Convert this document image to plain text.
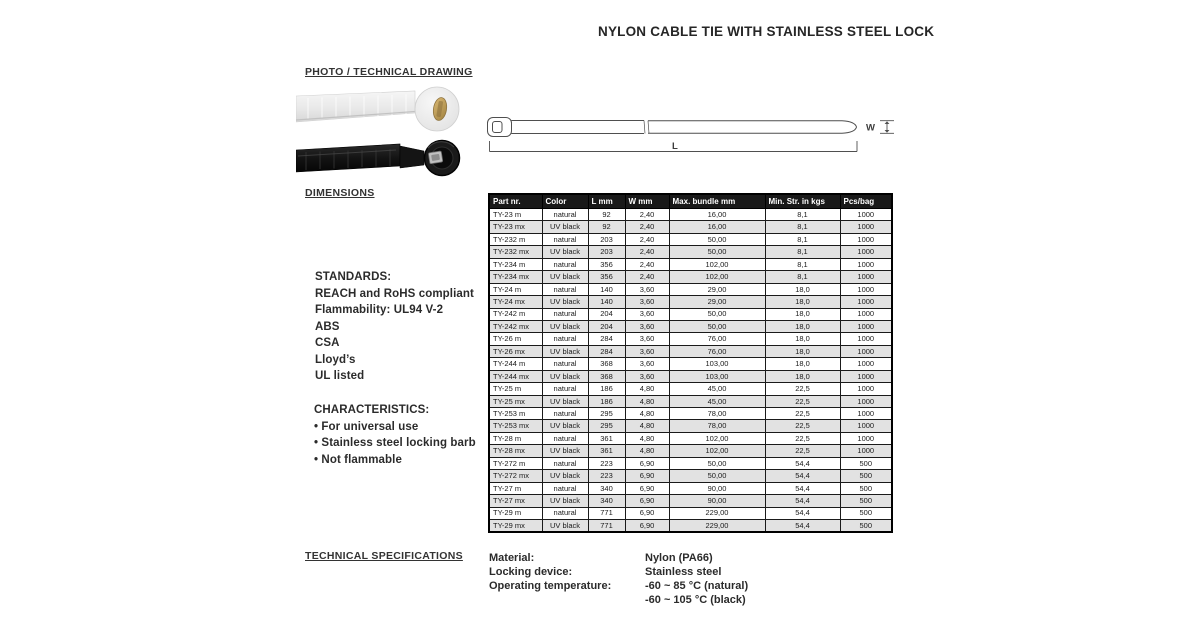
NYLON CABLE TIE WITH STAINLESS STEEL LOCK
PHOTO / TECHNICAL DRAWING
L
W
DIMENSIONS
Part nr.	Color	L mm	W mm	Max. bundle mm	Min. Str. in kgs	Pcs/bag
TY-23 m	natural	92	2,40	16,00	8,1	1000
TY-23 mx	UV black	92	2,40	16,00	8,1	1000
TY-232 m	natural	203	2,40	50,00	8,1	1000
TY-232 mx	UV black	203	2,40	50,00	8,1	1000
TY-234 m	natural	356	2,40	102,00	8,1	1000
TY-234 mx	UV black	356	2,40	102,00	8,1	1000
TY-24 m	natural	140	3,60	29,00	18,0	1000
TY-24 mx	UV black	140	3,60	29,00	18,0	1000
TY-242 m	natural	204	3,60	50,00	18,0	1000
TY-242 mx	UV black	204	3,60	50,00	18,0	1000
TY-26 m	natural	284	3,60	76,00	18,0	1000
TY-26 mx	UV black	284	3,60	76,00	18,0	1000
TY-244 m	natural	368	3,60	103,00	18,0	1000
TY-244 mx	UV black	368	3,60	103,00	18,0	1000
TY-25 m	natural	186	4,80	45,00	22,5	1000
TY-25 mx	UV black	186	4,80	45,00	22,5	1000
TY-253 m	natural	295	4,80	78,00	22,5	1000
TY-253 mx	UV black	295	4,80	78,00	22,5	1000
TY-28 m	natural	361	4,80	102,00	22,5	1000
TY-28 mx	UV black	361	4,80	102,00	22,5	1000
TY-272 m	natural	223	6,90	50,00	54,4	500
TY-272 mx	UV black	223	6,90	50,00	54,4	500
TY-27 m	natural	340	6,90	90,00	54,4	500
TY-27 mx	UV black	340	6,90	90,00	54,4	500
TY-29 m	natural	771	6,90	229,00	54,4	500
TY-29 mx	UV black	771	6,90	229,00	54,4	500
STANDARDS:
REACH and RoHS compliant
Flammability: UL94 V-2
ABS
CSA
Lloyd’s
UL listed
CHARACTERISTICS:
• For universal use
• Stainless steel locking barb
• Not flammable
TECHNICAL SPECIFICATIONS Material:	Nylon (PA66)
Locking device:	Stainless steel
Operating temperature:	-60 ~ 85 °C (natural)
-60 ~ 105 °C (black)
